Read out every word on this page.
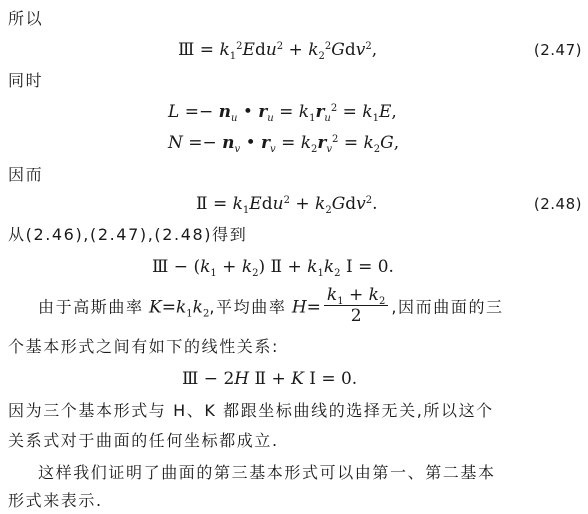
所以
Ⅲ = $k_1^2Edu^2 + k_2^2Gdv^2$,	(2.47)
同时
$L =- n_u$ • $r_u = k_1r_u^2 = k_1E$,
$N =- n_v$ • $r_v = k_2r_v^2 = k_2G$,
因而
Ⅱ = $k_1Edu^2 + k_2Gdv^2$.	(2.48)
从(2.46),(2.47),(2.48)得到
Ⅲ − $(k_1 + k_2)$ Ⅱ + $k_1k_2$ Ⅰ = 0.
由于高斯曲率 $K=k_1k_2$,平均曲率 $H= \frac{k_1 + k_2}{2}$ ,因而曲面的三
个基本形式之间有如下的线性关系:
Ⅲ − 2H Ⅱ + K Ⅰ = 0.
因为三个基本形式与 H、K 都跟坐标曲线的选择无关,所以这个
关系式对于曲面的任何坐标都成立.
这样我们证明了曲面的第三基本形式可以由第一、第二基本
形式来表示.
